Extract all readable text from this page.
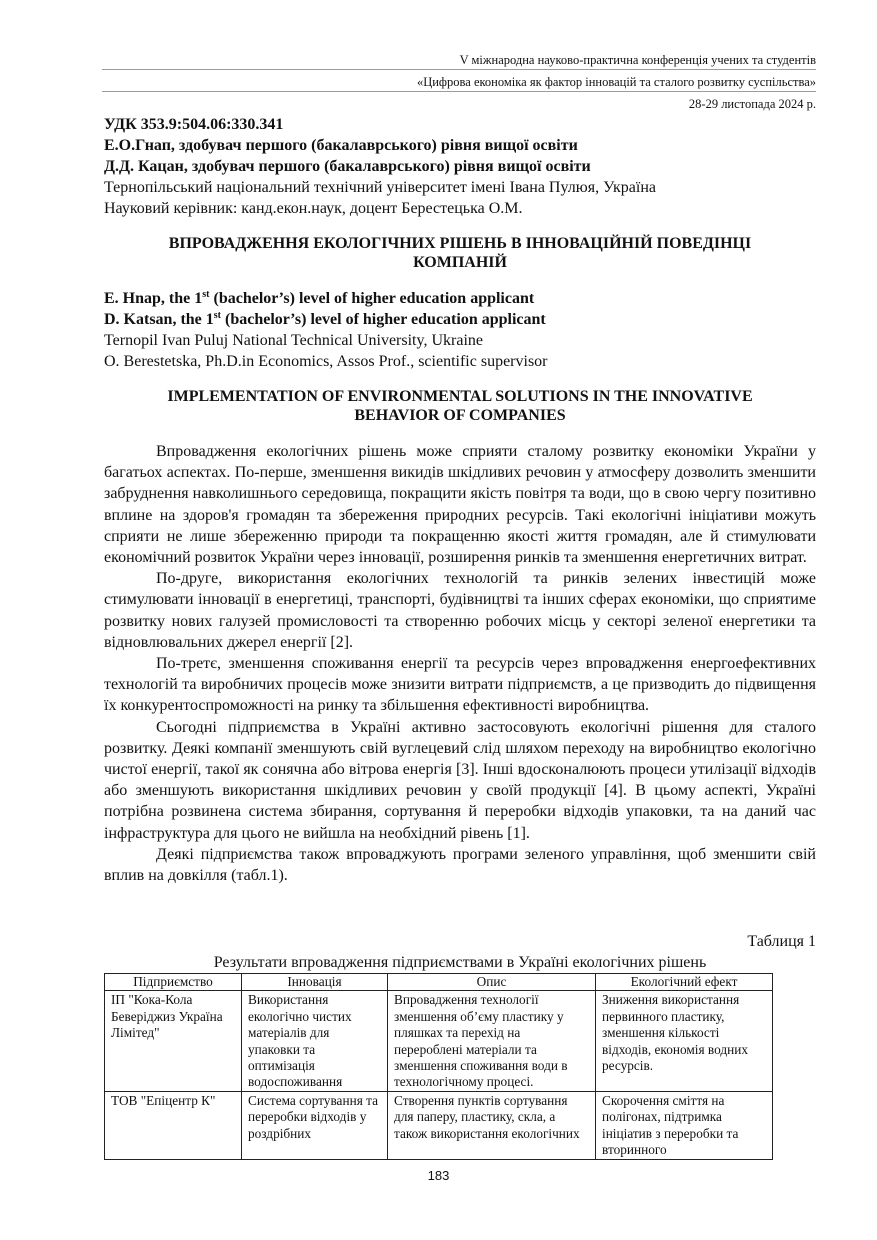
V міжнародна науково-практична конференція учених та студентів
«Цифрова економіка як фактор інновацій та сталого розвитку суспільства»
28-29 листопада 2024 р.
УДК 353.9:504.06:330.341
Е.О.Гнап, здобувач першого (бакалаврського) рівня вищої освіти
Д.Д. Кацан, здобувач першого (бакалаврського) рівня вищої освіти
Тернопільський національний технічний університет імені Івана Пулюя, Україна
Науковий керівник: канд.екон.наук, доцент Берестецька О.М.
ВПРОВАДЖЕННЯ ЕКОЛОГІЧНИХ РІШЕНЬ В ІННОВАЦІЙНІЙ ПОВЕДІНЦІ
КОМПАНІЙ
E. Hnap, the 1st (bachelor’s) level of higher education applicant
D. Katsan, the 1st (bachelor’s) level of higher education applicant
Ternopil Ivan Puluj National Technical University, Ukraine
O. Berestetska, Ph.D.in Economics, Assos Prof., scientific supervisor
IMPLEMENTATION OF ENVIRONMENTAL SOLUTIONS IN THE INNOVATIVE
BEHAVIOR OF COMPANIES

Впровадження екологічних рішень може сприяти сталому розвитку економіки України у багатьох аспектах. По-перше, зменшення викидів шкідливих речовин у атмосферу дозволить зменшити забруднення навколишнього середовища, покращити якість повітря та води, що в свою чергу позитивно вплине на здоров'я громадян та збереження природних ресурсів. Такі екологічні ініціативи можуть сприяти не лише збереженню природи та покращенню якості життя громадян, але й стимулювати економічний розвиток України через інновації, розширення ринків та зменшення енергетичних витрат.

По-друге, використання екологічних технологій та ринків зелених інвестицій може стимулювати інновації в енергетиці, транспорті, будівництві та інших сферах економіки, що сприятиме розвитку нових галузей промисловості та створенню робочих місць у секторі зеленої енергетики та відновлювальних джерел енергії [2].

По-третє, зменшення споживання енергії та ресурсів через впровадження енергоефективних технологій та виробничих процесів може знизити витрати підприємств, а це призводить до підвищення їх конкурентоспроможності на ринку та збільшення ефективності виробництва.

Сьогодні підприємства в Україні активно застосовують екологічні рішення для сталого розвитку. Деякі компанії зменшують свій вуглецевий слід шляхом переходу на виробництво екологічно чистої енергії, такої як сонячна або вітрова енергія [3]. Інші вдосконалюють процеси утилізації відходів або зменшують використання шкідливих речовин у своїй продукції [4]. В цьому аспекті, Україні потрібна розвинена система збирання, сортування й переробки відходів упаковки, та на даний час інфраструктура для цього не вийшла на необхідний рівень [1].

Деякі підприємства також впроваджують програми зеленого управління, щоб зменшити свій вплив на довкілля (табл.1).

Таблиця 1
Результати впровадження підприємствами в Україні екологічних рішень
Підприємство	Інновація	Опис	Екологічний ефект
ІП "Кока-Кола Беверіджиз Україна Лімітед"	Використання екологічно чистих матеріалів для упаковки та оптимізація водоспоживання	Впровадження технології зменшення об’єму пластику у пляшках та перехід на перероблені матеріали та зменшення споживання води в технологічному процесі.	Зниження використання первинного пластику, зменшення кількості відходів, економія водних ресурсів.

ТОВ "Епіцентр К"	Система сортування та переробки відходів у роздрібних	Створення пунктів сортування для паперу, пластику, скла, а також використання екологічних	Скорочення сміття на полігонах, підтримка ініціатив з переробки та вторинного
183
